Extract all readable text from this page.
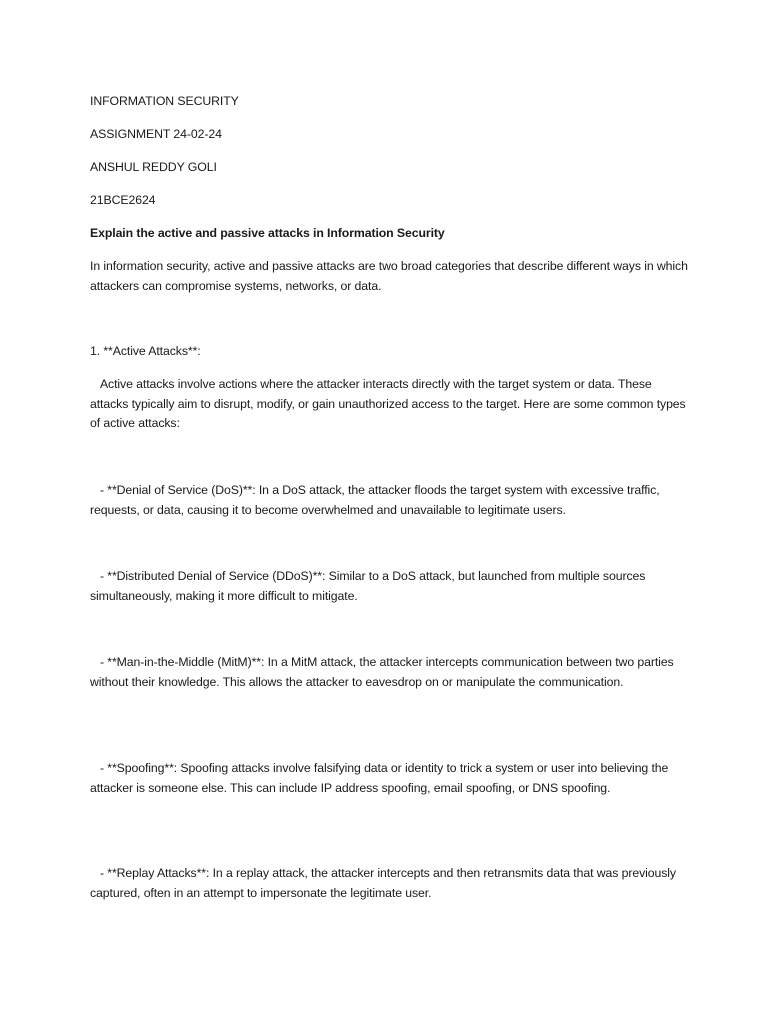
INFORMATION SECURITY

ASSIGNMENT 24-02-24

ANSHUL REDDY GOLI

21BCE2624

Explain the active and passive attacks in Information Security

In information security, active and passive attacks are two broad categories that describe different ways in which attackers can compromise systems, networks, or data.

1. **Active Attacks**:

Active attacks involve actions where the attacker interacts directly with the target system or data. These attacks typically aim to disrupt, modify, or gain unauthorized access to the target. Here are some common types of active attacks:

- **Denial of Service (DoS)**: In a DoS attack, the attacker floods the target system with excessive traffic, requests, or data, causing it to become overwhelmed and unavailable to legitimate users.

- **Distributed Denial of Service (DDoS)**: Similar to a DoS attack, but launched from multiple sources simultaneously, making it more difficult to mitigate.

- **Man-in-the-Middle (MitM)**: In a MitM attack, the attacker intercepts communication between two parties without their knowledge. This allows the attacker to eavesdrop on or manipulate the communication.

- **Spoofing**: Spoofing attacks involve falsifying data or identity to trick a system or user into believing the attacker is someone else. This can include IP address spoofing, email spoofing, or DNS spoofing.

- **Replay Attacks**: In a replay attack, the attacker intercepts and then retransmits data that was previously captured, often in an attempt to impersonate the legitimate user.
